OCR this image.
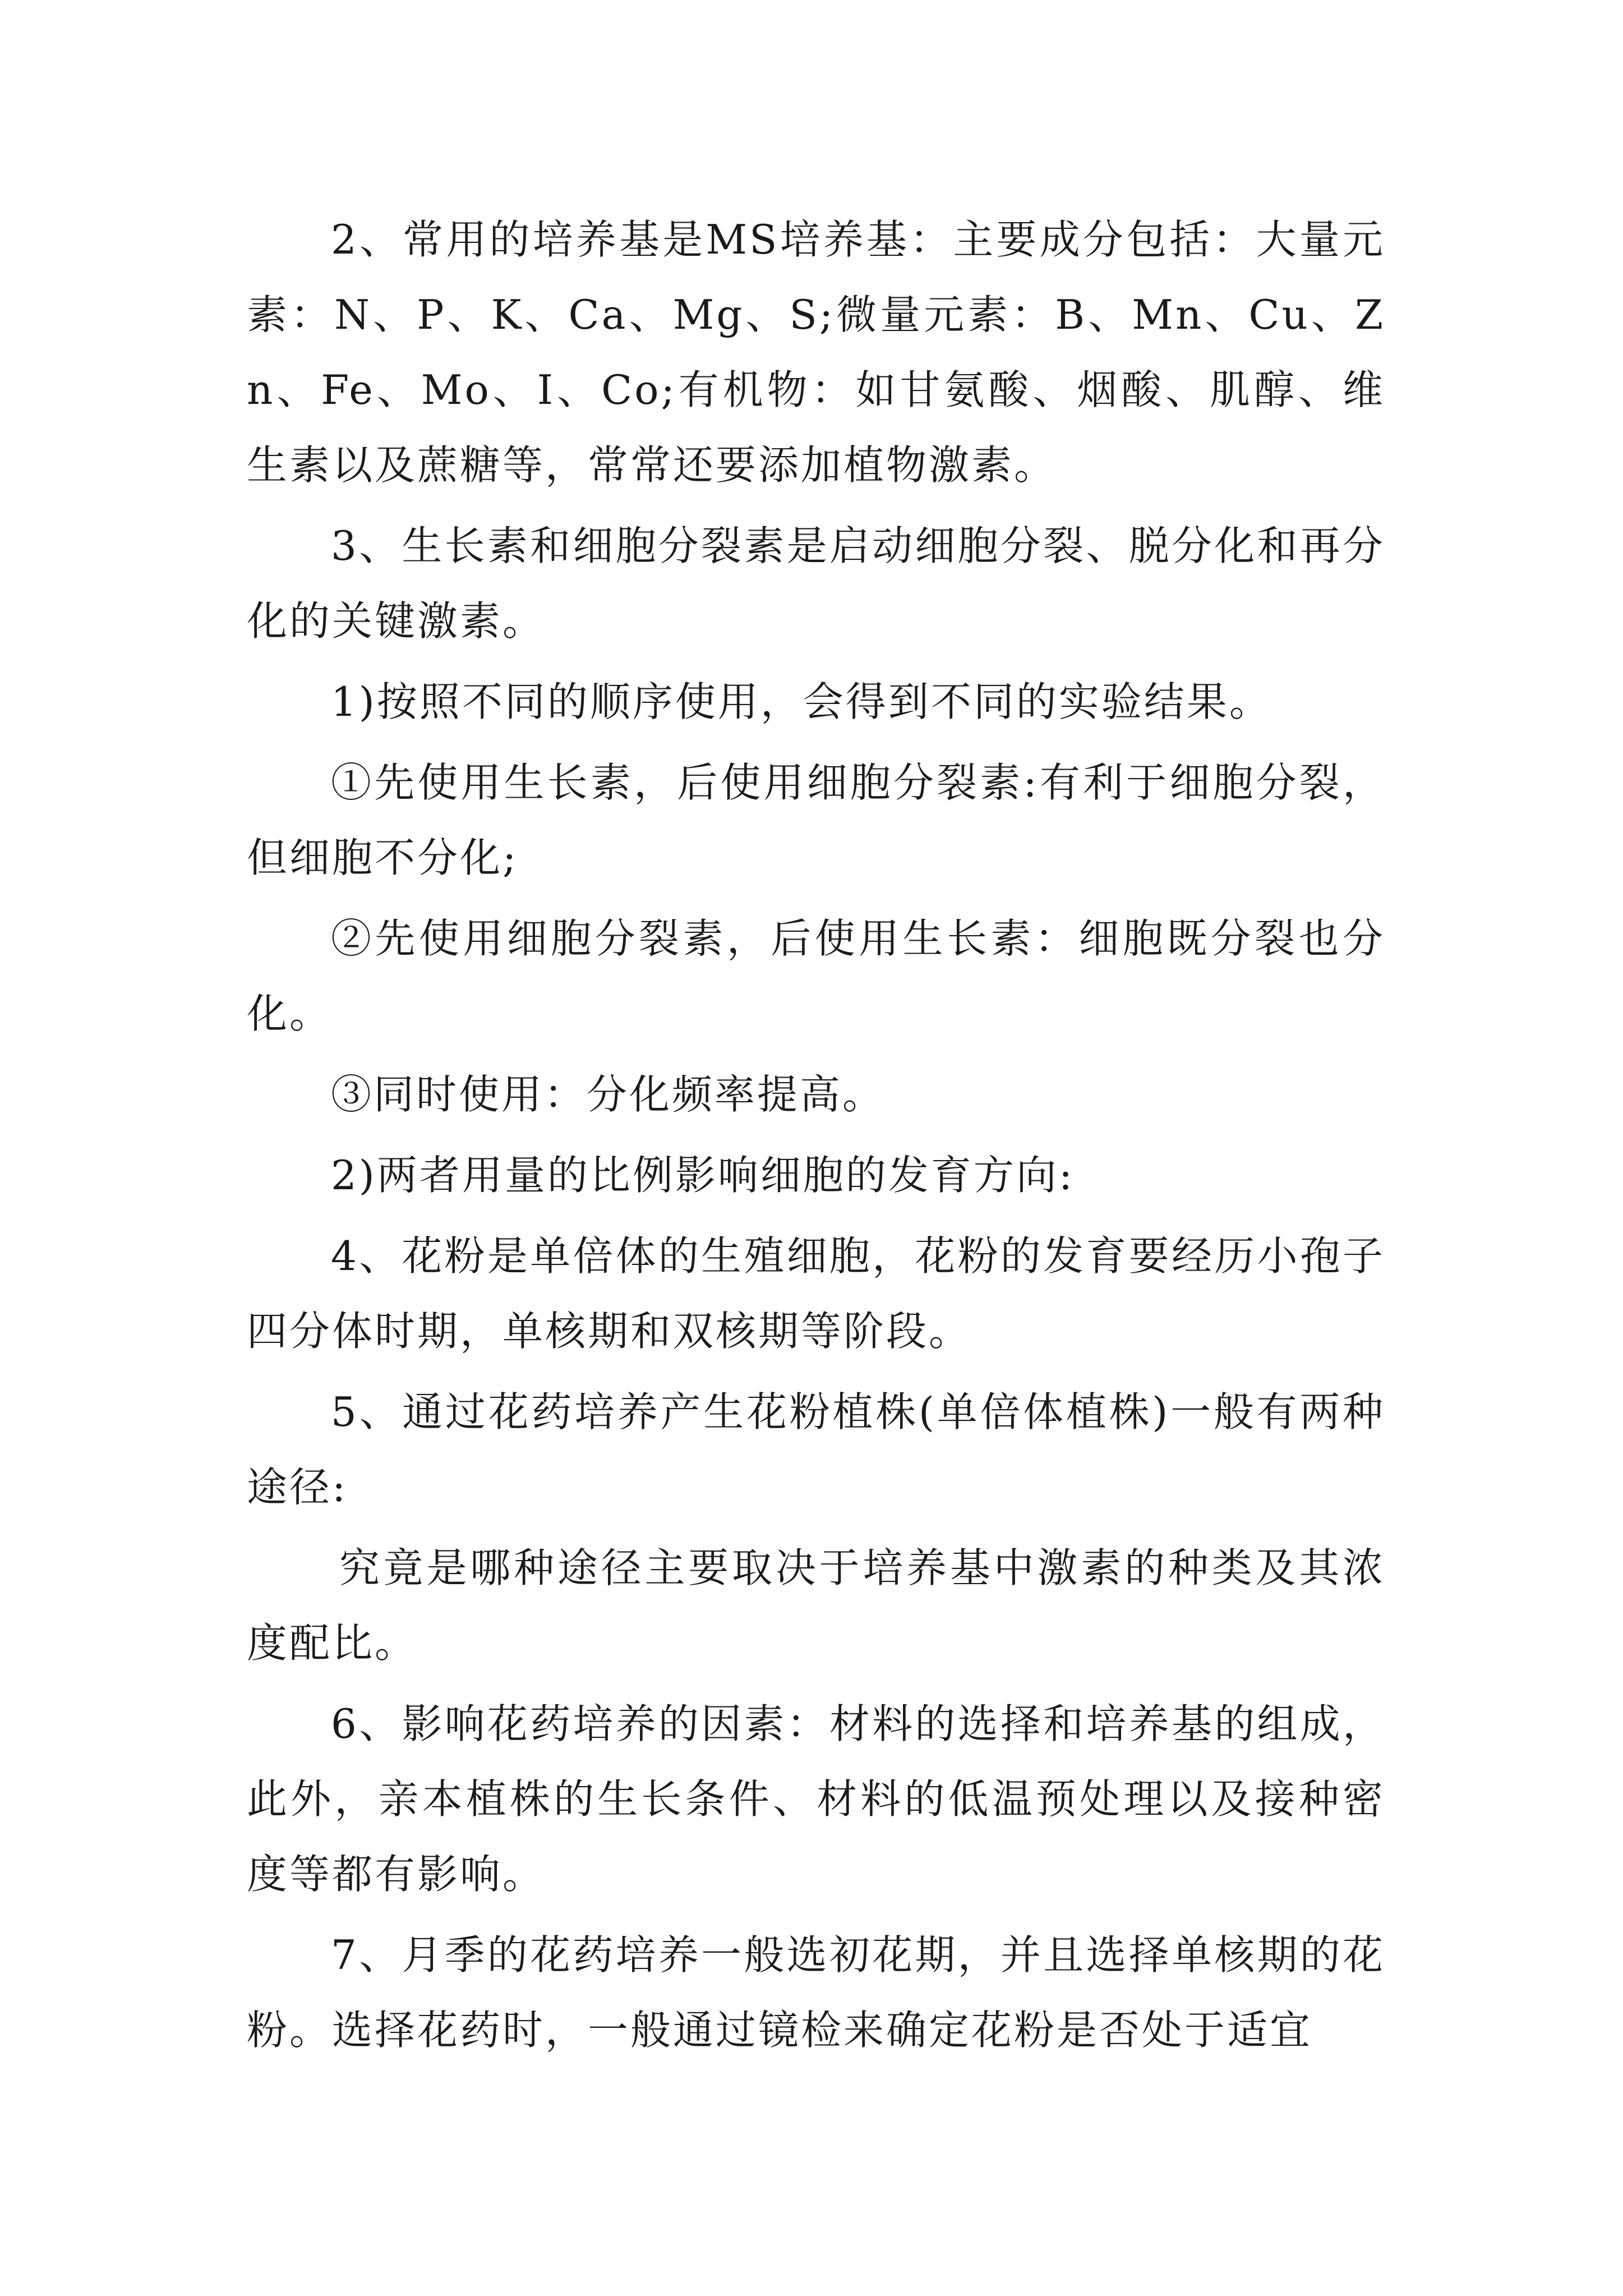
2、常用的培养基是MS培养基：主要成分包括：大量元素：N、P、K、Ca、Mg、S;微量元素：B、Mn、Cu、Zn、Fe、Mo、I、Co;有机物：如甘氨酸、烟酸、肌醇、维生素以及蔗糖等，常常还要添加植物激素。

3、生长素和细胞分裂素是启动细胞分裂、脱分化和再分化的关键激素。

1)按照不同的顺序使用，会得到不同的实验结果。

①先使用生长素，后使用细胞分裂素:有利于细胞分裂，但细胞不分化;

②先使用细胞分裂素，后使用生长素：细胞既分裂也分化。

③同时使用：分化频率提高。

2)两者用量的比例影响细胞的发育方向:

4、花粉是单倍体的生殖细胞，花粉的发育要经历小孢子四分体时期，单核期和双核期等阶段。

5、通过花药培养产生花粉植株(单倍体植株)一般有两种途径:

究竟是哪种途径主要取决于培养基中激素的种类及其浓度配比。

6、影响花药培养的因素：材料的选择和培养基的组成，此外，亲本植株的生长条件、材料的低温预处理以及接种密度等都有影响。

7、月季的花药培养一般选初花期，并且选择单核期的花粉。选择花药时，一般通过镜检来确定花粉是否处于适宜
